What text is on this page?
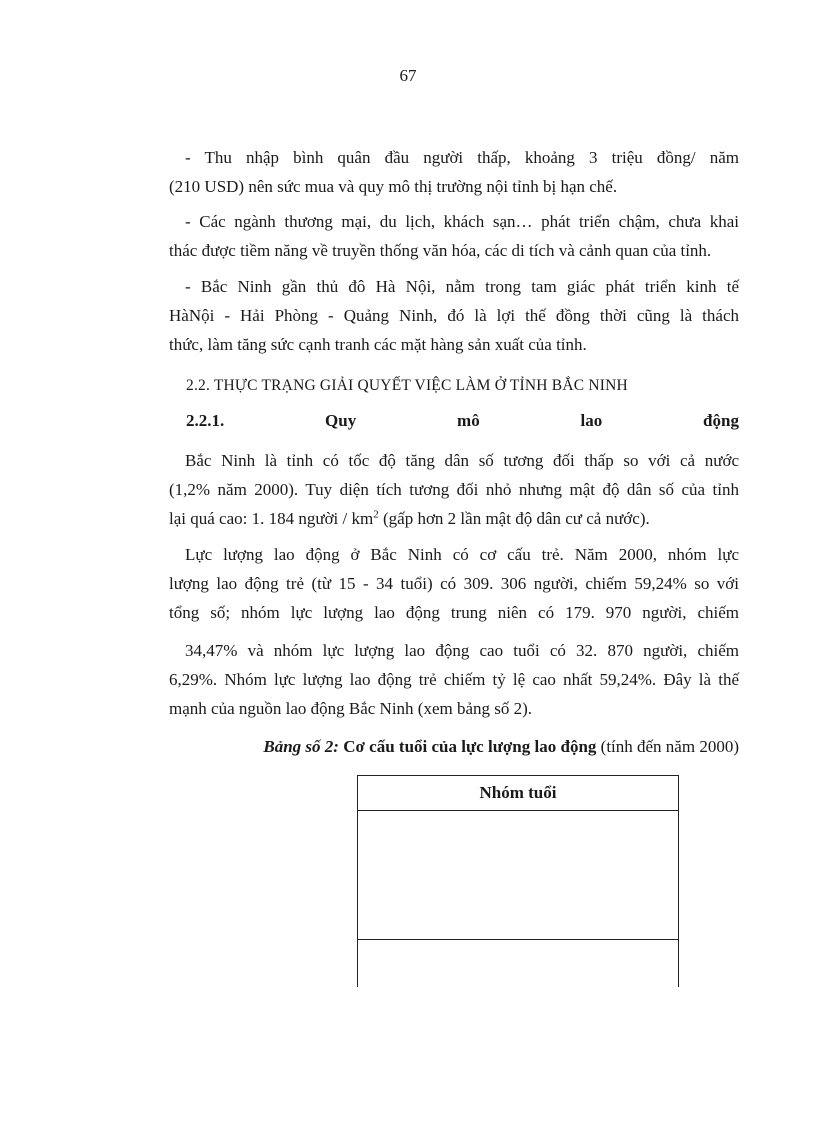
67
- Thu nhập bình quân đầu người thấp, khoảng 3 triệu đồng/ năm
(210 USD) nên sức mua và quy mô thị trường nội tỉnh bị hạn chế.
- Các ngành thương mại, du lịch, khách sạn… phát triển chậm, chưa khai
thác được tiềm năng về truyền thống văn hóa, các di tích và cảnh quan của tỉnh.
- Bắc Ninh gần thủ đô Hà Nội, nằm trong tam giác phát triển kinh tế
HàNội - Hải Phòng - Quảng Ninh, đó là lợi thế đồng thời cũng là thách
thức, làm tăng sức cạnh tranh các mặt hàng sản xuất của tỉnh.
2.2. THỰC TRẠNG GIẢI QUYẾT VIỆC LÀM Ở TỈNH BẮC NINH
2.2.1.	Quy	mô	lao	động
Bắc Ninh là tỉnh có tốc độ tăng dân số tương đối thấp so với cả nước
(1,2% năm 2000). Tuy diện tích tương đối nhỏ nhưng mật độ dân số của tỉnh
lại quá cao: 1. 184 người / $km^2$ (gấp hơn 2 lần mật độ dân cư cả nước).
Lực lượng lao động ở Bắc Ninh có cơ cấu trẻ. Năm 2000, nhóm lực
lượng lao động trẻ (từ 15 - 34 tuổi) có 309. 306 người, chiếm 59,24% so với
tổng số; nhóm lực lượng lao động trung niên có 179. 970 người, chiếm
34,47% và nhóm lực lượng lao động cao tuổi có 32. 870 người, chiếm
6,29%. Nhóm lực lượng lao động trẻ chiếm tỷ lệ cao nhất 59,24%. Đây là thế
mạnh của nguồn lao động Bắc Ninh (xem bảng số 2).
Bảng số 2: Cơ cấu tuổi của lực lượng lao động (tính đến năm 2000)
Nhóm tuổi
